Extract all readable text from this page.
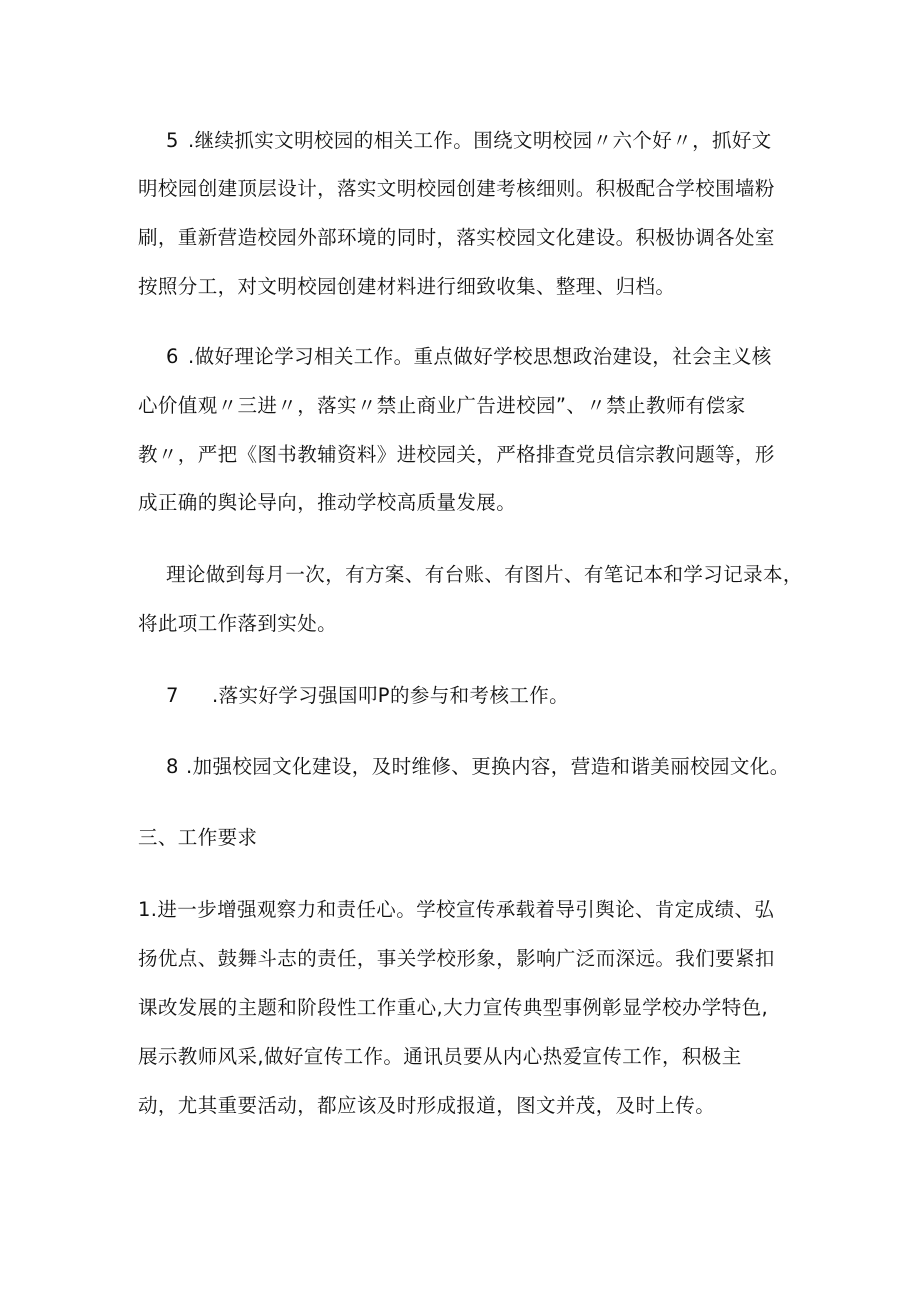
5 .继续抓实文明校园的相关工作。围绕文明校园〃六个好〃，抓好文
明校园创建顶层设计，落实文明校园创建考核细则。积极配合学校围墙粉
刷，重新营造校园外部环境的同时，落实校园文化建设。积极协调各处室
按照分工，对文明校园创建材料进行细致收集、整理、归档。
6 .做好理论学习相关工作。重点做好学校思想政治建设，社会主义核
心价值观〃三进〃，落实〃禁止商业广告进校园”、〃禁止教师有偿家
教〃，严把《图书教辅资料》进校园关，严格排查党员信宗教问题等，形
成正确的舆论导向，推动学校高质量发展。
理论做到每月一次，有方案、有台账、有图片、有笔记本和学习记录本，
将此项工作落到实处。
7 .落实好学习强国叩P的参与和考核工作。
8 .加强校园文化建设，及时维修、更换内容，营造和谐美丽校园文化。
三、工作要求
1.进一步增强观察力和责任心。学校宣传承载着导引舆论、肯定成绩、弘
扬优点、鼓舞斗志的责任，事关学校形象，影响广泛而深远。我们要紧扣
课改发展的主题和阶段性工作重心,大力宣传典型事例彰显学校办学特色,
展示教师风采,做好宣传工作。通讯员要从内心热爱宣传工作，积极主
动，尤其重要活动，都应该及时形成报道，图文并茂，及时上传。
